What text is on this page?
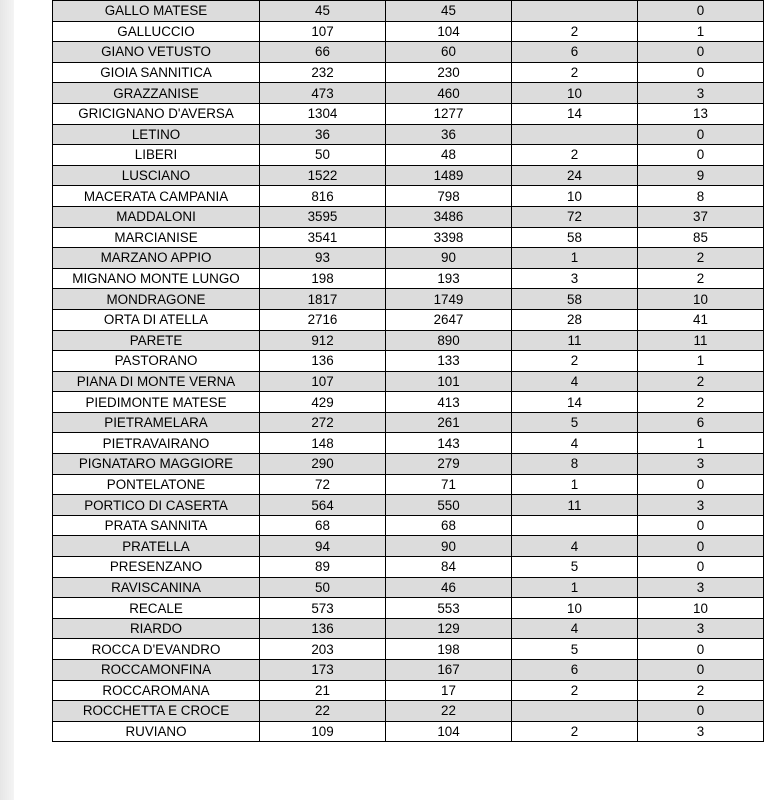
GALLO MATESE	45	45		0
GALLUCCIO	107	104	2	1
GIANO VETUSTO	66	60	6	0
GIOIA SANNITICA	232	230	2	0
GRAZZANISE	473	460	10	3
GRICIGNANO D'AVERSA	1304	1277	14	13
LETINO	36	36		0
LIBERI	50	48	2	0
LUSCIANO	1522	1489	24	9
MACERATA CAMPANIA	816	798	10	8
MADDALONI	3595	3486	72	37
MARCIANISE	3541	3398	58	85
MARZANO APPIO	93	90	1	2
MIGNANO MONTE LUNGO	198	193	3	2
MONDRAGONE	1817	1749	58	10
ORTA DI ATELLA	2716	2647	28	41
PARETE	912	890	11	11
PASTORANO	136	133	2	1
PIANA DI MONTE VERNA	107	101	4	2
PIEDIMONTE MATESE	429	413	14	2
PIETRAMELARA	272	261	5	6
PIETRAVAIRANO	148	143	4	1
PIGNATARO MAGGIORE	290	279	8	3
PONTELATONE	72	71	1	0
PORTICO DI CASERTA	564	550	11	3
PRATA SANNITA	68	68		0
PRATELLA	94	90	4	0
PRESENZANO	89	84	5	0
RAVISCANINA	50	46	1	3
RECALE	573	553	10	10
RIARDO	136	129	4	3
ROCCA D'EVANDRO	203	198	5	0
ROCCAMONFINA	173	167	6	0
ROCCAROMANA	21	17	2	2
ROCCHETTA E CROCE	22	22		0
RUVIANO	109	104	2	3
